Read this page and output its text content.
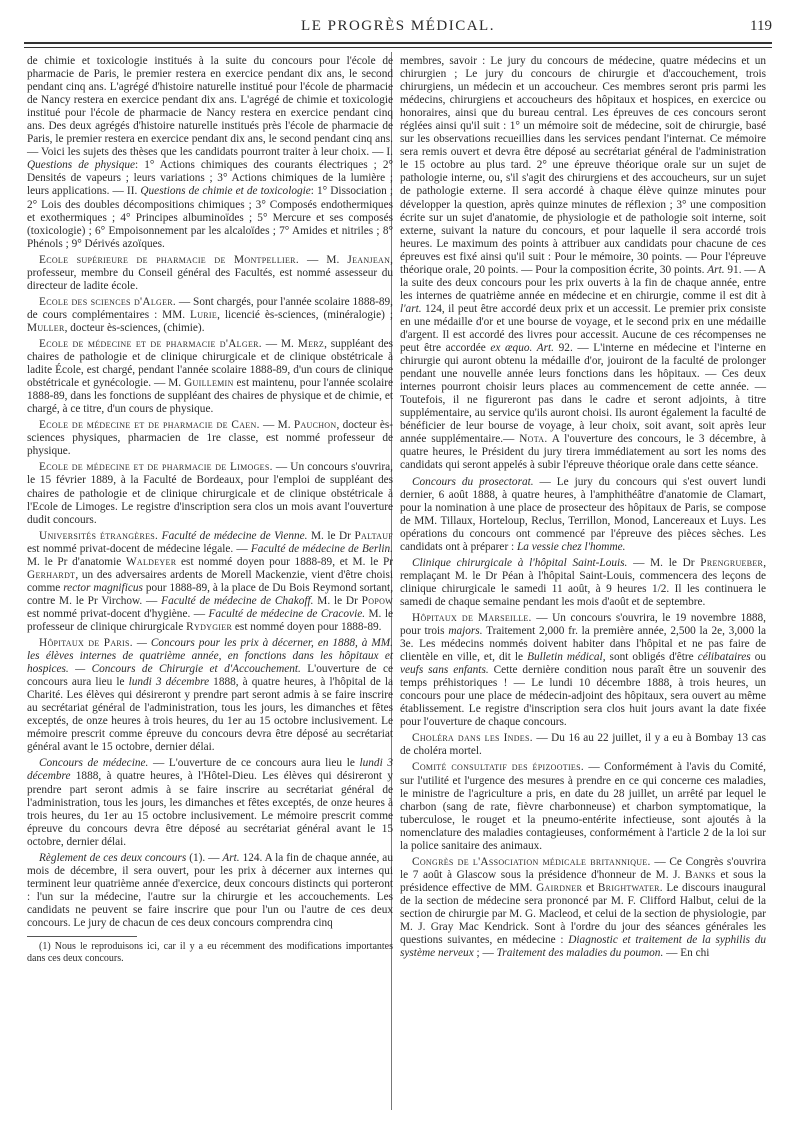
LE PROGRÈS MÉDICAL.	119

de chimie et toxicologie institués à la suite du concours pour l'école de pharmacie de Paris, le premier restera en exercice pendant dix ans, le second pendant cinq ans. L'agrégé d'histoire naturelle institué pour l'école de pharmacie de Nancy restera en exercice pendant dix ans. L'agrégé de chimie et toxicologie institué pour l'école de pharmacie de Nancy restera en exercice pendant cinq ans. Des deux agrégés d'histoire naturelle institués près l'école de pharmacie de Paris, le premier restera en exercice pendant dix ans, le second pendant cinq ans. — Voici les sujets des thèses que les candidats pourront traiter à leur choix. — I. Questions de physique: 1° Actions chimiques des courants électriques ; 2° Densités de vapeurs ; leurs variations ; 3° Actions chimiques de la lumière ; leurs applications. — II. Questions de chimie et de toxicologie: 1° Dissociation ; 2° Lois des doubles décompositions chimiques ; 3° Composés endothermiques et exothermiques ; 4° Principes albuminoïdes ; 5° Mercure et ses composés (toxicologie) ; 6° Empoisonnement par les alcaloïdes ; 7° Amides et nitriles ; 8° Phénols ; 9° Dérivés azoïques.

Ecole supérieure de pharmacie de Montpellier. — M. Jeanjean, professeur, membre du Conseil général des Facultés, est nommé assesseur du directeur de ladite école.

Ecole des sciences d'Alger. — Sont chargés, pour l'année scolaire 1888-89, de cours complémentaires : MM. Lurie, licencié ès-sciences, (minéralogie) ; Muller, docteur ès-sciences, (chimie).

Ecole de médecine et de pharmacie d'Alger. — M. Merz, suppléant des chaires de pathologie et de clinique chirurgicale et de clinique obstétricale à ladite École, est chargé, pendant l'année scolaire 1888-89, d'un cours de clinique obstétricale et gynécologie. — M. Guillemin est maintenu, pour l'année scolaire 1888-89, dans les fonctions de suppléant des chaires de physique et de chimie, et chargé, à ce titre, d'un cours de physique.

Ecole de médecine et de pharmacie de Caen. — M. Pauchon, docteur ès-sciences physiques, pharmacien de 1re classe, est nommé professeur de physique.

Ecole de médecine et de pharmacie de Limoges. — Un concours s'ouvrira, le 15 février 1889, à la Faculté de Bordeaux, pour l'emploi de suppléant des chaires de pathologie et de clinique chirurgicale et de clinique obstétricale à l'Ecole de Limoges. Le registre d'inscription sera clos un mois avant l'ouverture dudit concours.

Universités étrangères. Faculté de médecine de Vienne. M. le Dr Paltauf est nommé privat-docent de médecine légale. — Faculté de médecine de Berlin. M. le Pr d'anatomie Waldeyer est nommé doyen pour 1888-89, et M. le Pr Gerhardt, un des adversaires ardents de Morell Mackenzie, vient d'être choisi comme rector magnificus pour 1888-89, à la place de Du Bois Reymond sortant, contre M. le Pr Virchow. — Faculté de médecine de Chakoff. M. le Dr Popow est nommé privat-docent d'hygiène. — Faculté de médecine de Cracovie. M. le professeur de clinique chirurgicale Rydygier est nommé doyen pour 1888-89.

Hôpitaux de Paris. — Concours pour les prix à décerner, en 1888, à MM. les élèves internes de quatrième année, en fonctions dans les hôpitaux et hospices. — Concours de Chirurgie et d'Accouchement. L'ouverture de ce concours aura lieu le lundi 3 décembre 1888, à quatre heures, à l'hôpital de la Charité. Les élèves qui désireront y prendre part seront admis à se faire inscrire au secrétariat général de l'administration, tous les jours, les dimanches et fêtes exceptés, de onze heures à trois heures, du 1er au 15 octobre inclusivement. Le mémoire prescrit comme épreuve du concours devra être déposé au secrétariat général avant le 15 octobre, dernier délai.

Concours de médecine. — L'ouverture de ce concours aura lieu le lundi 3 décembre 1888, à quatre heures, à l'Hôtel-Dieu. Les élèves qui désireront y prendre part seront admis à se faire inscrire au secrétariat général de l'administration, tous les jours, les dimanches et fêtes exceptés, de onze heures à trois heures, du 1er au 15 octobre inclusivement. Le mémoire prescrit comme épreuve du concours devra être déposé au secrétariat général avant le 15 octobre, dernier délai.

Règlement de ces deux concours (1). — Art. 124. A la fin de chaque année, au mois de décembre, il sera ouvert, pour les prix à décerner aux internes qui terminent leur quatrième année d'exercice, deux concours distincts qui porteront : l'un sur la médecine, l'autre sur la chirurgie et les accouchements. Les candidats ne peuvent se faire inscrire que pour l'un ou l'autre de ces deux concours. Le jury de chacun de ces deux concours comprendra cinq

(1) Nous le reproduisons ici, car il y a eu récemment des modifications importantes dans ces deux concours.

membres, savoir : Le jury du concours de médecine, quatre médecins et un chirurgien ; Le jury du concours de chirurgie et d'accouchement, trois chirurgiens, un médecin et un accoucheur. Ces membres seront pris parmi les médecins, chirurgiens et accoucheurs des hôpitaux et hospices, en exercice ou honoraires, ainsi que du bureau central. Les épreuves de ces concours seront réglées ainsi qu'il suit : 1° un mémoire soit de médecine, soit de chirurgie, basé sur les observations recueillies dans les services pendant l'internat. Ce mémoire sera remis ouvert et devra être déposé au secrétariat général de l'administration le 15 octobre au plus tard. 2° une épreuve théorique orale sur un sujet de pathologie interne, ou, s'il s'agit des chirurgiens et des accoucheurs, sur un sujet de pathologie externe. Il sera accordé à chaque élève quinze minutes pour développer la question, après quinze minutes de réflexion ; 3° une composition écrite sur un sujet d'anatomie, de physiologie et de pathologie soit interne, soit externe, suivant la nature du concours, et pour laquelle il sera accordé trois heures. Le maximum des points à attribuer aux candidats pour chacune de ces épreuves est fixé ainsi qu'il suit : Pour le mémoire, 30 points. — Pour l'épreuve théorique orale, 20 points. — Pour la composition écrite, 30 points. Art. 91. — A la suite des deux concours pour les prix ouverts à la fin de chaque année, entre les internes de quatrième année en médecine et en chirurgie, comme il est dit à l'art. 124, il peut être accordé deux prix et un accessit. Le premier prix consiste en une médaille d'or et une bourse de voyage, et le second prix en une médaille d'argent. Il est accordé des livres pour accessit. Aucune de ces récompenses ne peut être accordée ex æquo. Art. 92. — L'interne en médecine et l'interne en chirurgie qui auront obtenu la médaille d'or, jouiront de la faculté de prolonger pendant une nouvelle année leurs fonctions dans les hôpitaux. — Ces deux internes pourront choisir leurs places au commencement de cette année. — Toutefois, il ne figureront pas dans le cadre et seront adjoints, à titre supplémentaire, au service qu'ils auront choisi. Ils auront également la faculté de bénéficier de leur bourse de voyage, à leur choix, soit avant, soit après leur année supplémentaire.— Nota. A l'ouverture des concours, le 3 décembre, à quatre heures, le Président du jury tirera immédiatement au sort les noms des candidats qui seront appelés à subir l'épreuve théorique orale dans cette séance.

Concours du prosectorat. — Le jury du concours qui s'est ouvert lundi dernier, 6 août 1888, à quatre heures, à l'amphithéâtre d'anatomie de Clamart, pour la nomination à une place de prosecteur des hôpitaux de Paris, se compose de MM. Tillaux, Horteloup, Reclus, Terrillon, Monod, Lancereaux et Luys. Les opérations du concours ont commencé par l'épreuve des pièces sèches. Les candidats ont à préparer : La vessie chez l'homme.

Clinique chirurgicale à l'hôpital Saint-Louis. — M. le Dr Prengrueber, remplaçant M. le Dr Péan à l'hôpital Saint-Louis, commencera des leçons de clinique chirurgicale le samedi 11 août, à 9 heures 1/2. Il les continuera le samedi de chaque semaine pendant les mois d'août et de septembre.

Hôpitaux de Marseille. — Un concours s'ouvrira, le 19 novembre 1888, pour trois majors. Traitement 2,000 fr. la première année, 2,500 la 2e, 3,000 la 3e. Les médecins nommés doivent habiter dans l'hôpital et ne pas faire de clientèle en ville, et, dit le Bulletin médical, sont obligés d'être célibataires ou veufs sans enfants. Cette dernière condition nous paraît être un souvenir des temps préhistoriques ! — Le lundi 10 décembre 1888, à trois heures, un concours pour une place de médecin-adjoint des hôpitaux, sera ouvert au même établissement. Le registre d'inscription sera clos huit jours avant la date fixée pour l'ouverture de chaque concours.

Choléra dans les Indes. — Du 16 au 22 juillet, il y a eu à Bombay 13 cas de choléra mortel.

Comité consultatif des épizooties. — Conformément à l'avis du Comité, sur l'utilité et l'urgence des mesures à prendre en ce qui concerne ces maladies, le ministre de l'agriculture a pris, en date du 28 juillet, un arrêté par lequel le charbon (sang de rate, fièvre charbonneuse) et charbon symptomatique, la tuberculose, le rouget et la pneumo-entérite infectieuse, sont ajoutés à la nomenclature des maladies contagieuses, conformément à l'article 2 de la loi sur la police sanitaire des animaux.

Congrès de l'Association médicale britannique. — Ce Congrès s'ouvrira le 7 août à Glascow sous la présidence d'honneur de M. J. Banks et sous la présidence effective de MM. Gairdner et Brightwater. Le discours inaugural de la section de médecine sera prononcé par M. F. Clifford Halbut, celui de la section de chirurgie par M. G. Macleod, et celui de la section de physiologie, par M. J. Gray Mac Kendrick. Sont à l'ordre du jour des séances générales les questions suivantes, en médecine : Diagnostic et traitement de la syphilis du système nerveux ; — Traitement des maladies du poumon. — En chi
